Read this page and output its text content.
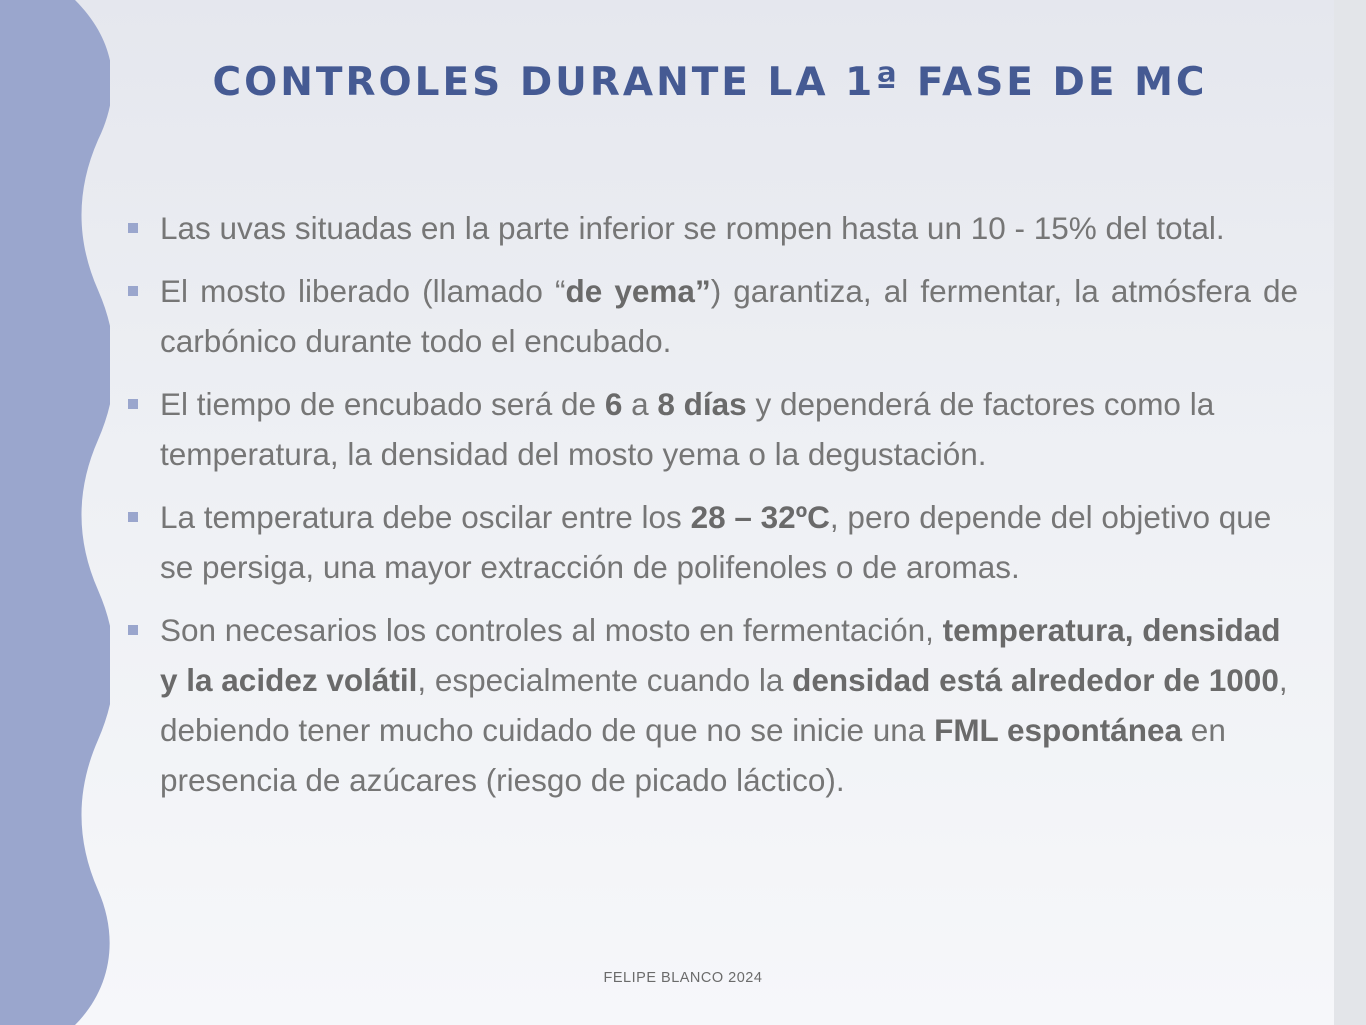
CONTROLES DURANTE LA 1ª FASE DE MC
Las uvas situadas en la parte inferior se rompen hasta un 10 - 15% del total.
El mosto liberado (llamado “de yema”) garantiza, al fermentar, la atmósfera de carbónico durante todo el encubado.
El tiempo de encubado será de 6 a 8 días y dependerá de factores como la temperatura, la densidad del mosto yema o la degustación.
La temperatura debe oscilar entre los 28 – 32ºC, pero depende del objetivo que se persiga, una mayor extracción de polifenoles o de aromas.
Son necesarios los controles al mosto en fermentación, temperatura, densidad y la acidez volátil, especialmente cuando la densidad está alrededor de 1000, debiendo tener mucho cuidado de que no se inicie una FML espontánea en presencia de azúcares (riesgo de picado láctico).
FELIPE BLANCO 2024
